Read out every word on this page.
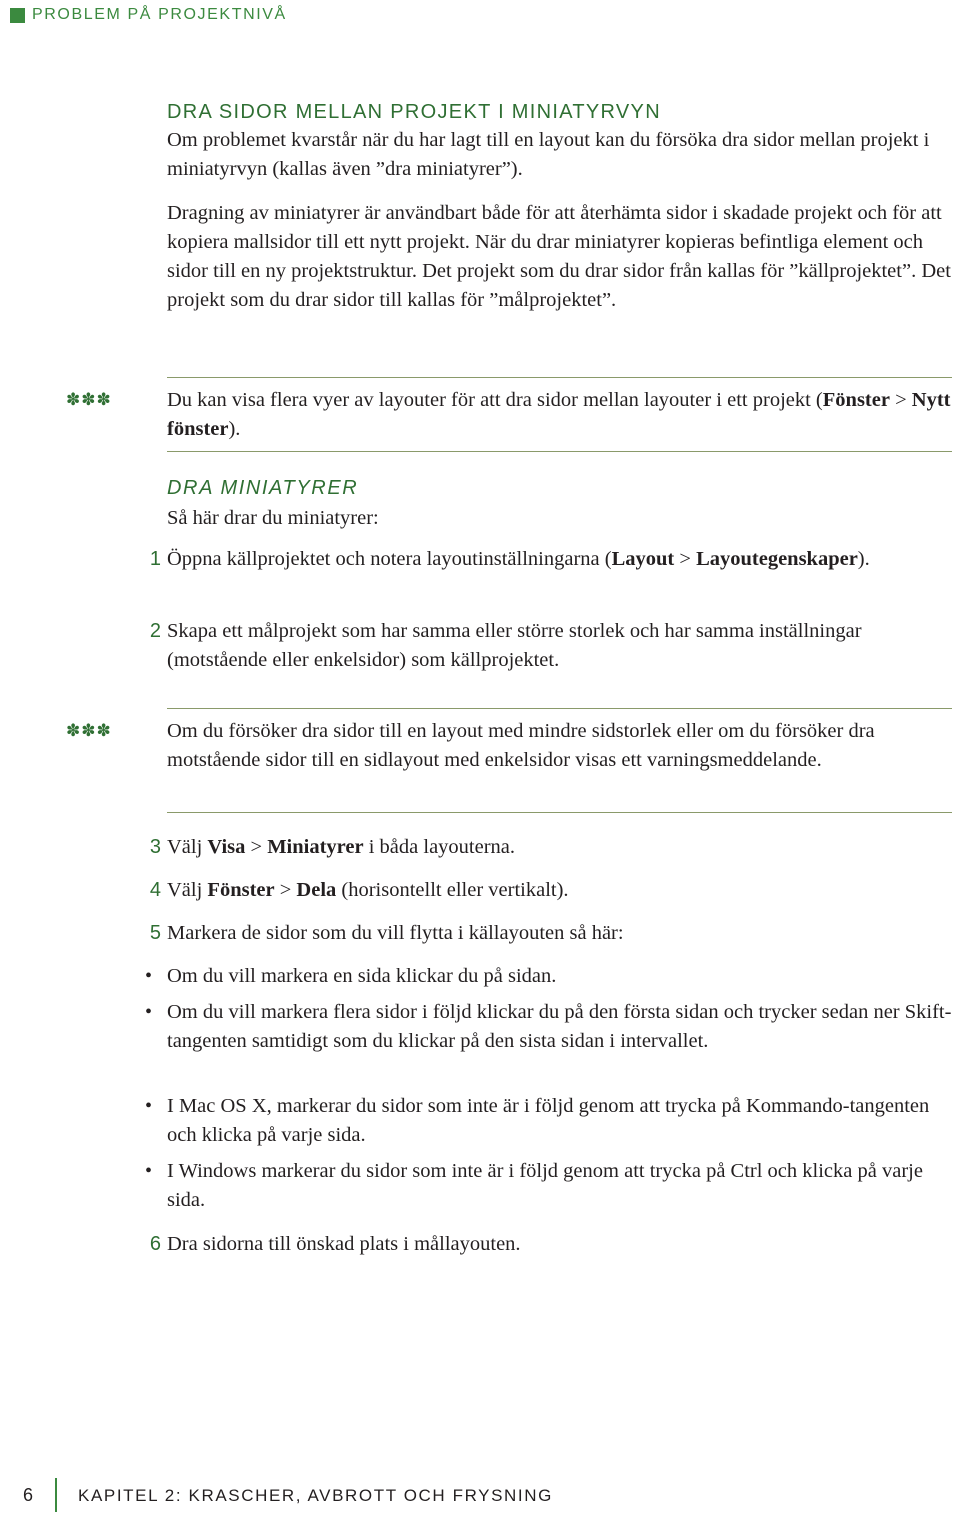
PROBLEM PÅ PROJEKTNIVÅ
DRA SIDOR MELLAN PROJEKT I MINIATYRVYN

Om problemet kvarstår när du har lagt till en layout kan du försöka dra sidor mellan projekt i miniatyrvyn (kallas även ”dra miniatyrer”).

Dragning av miniatyrer är användbart både för att återhämta sidor i skadade projekt och för att kopiera mallsidor till ett nytt projekt. När du drar miniatyrer kopieras befintliga element och sidor till en ny projektstruktur. Det projekt som du drar sidor från kallas för ”källprojektet”. Det projekt som du drar sidor till kallas för ”målprojektet”.

✽ ✽ ✽	Du kan visa flera vyer av layouter för att dra sidor mellan layouter i ett projekt (Fönster > Nytt fönster).

DRA MINIATYRER

Så här drar du miniatyrer:

1 Öppna källprojektet och notera layoutinställningarna (Layout > Layoutegenskaper).

2 Skapa ett målprojekt som har samma eller större storlek och har samma inställningar (motstående eller enkelsidor) som källprojektet.

✽ ✽ ✽	Om du försöker dra sidor till en layout med mindre sidstorlek eller om du försöker dra motstående sidor till en sidlayout med enkelsidor visas ett varningsmeddelande.

3 Välj Visa > Miniatyrer i båda layouterna.

4 Välj Fönster > Dela (horisontellt eller vertikalt).

5 Markera de sidor som du vill flytta i källayouten så här:

• Om du vill markera en sida klickar du på sidan.

• Om du vill markera flera sidor i följd klickar du på den första sidan och trycker sedan ner Skift-tangenten samtidigt som du klickar på den sista sidan i intervallet.

• I Mac OS X, markerar du sidor som inte är i följd genom att trycka på Kommando-tangenten och klicka på varje sida.

• I Windows markerar du sidor som inte är i följd genom att trycka på Ctrl och klicka på varje sida.

6 Dra sidorna till önskad plats i mållayouten.

6	KAPITEL 2: KRASCHER, AVBROTT OCH FRYSNING
